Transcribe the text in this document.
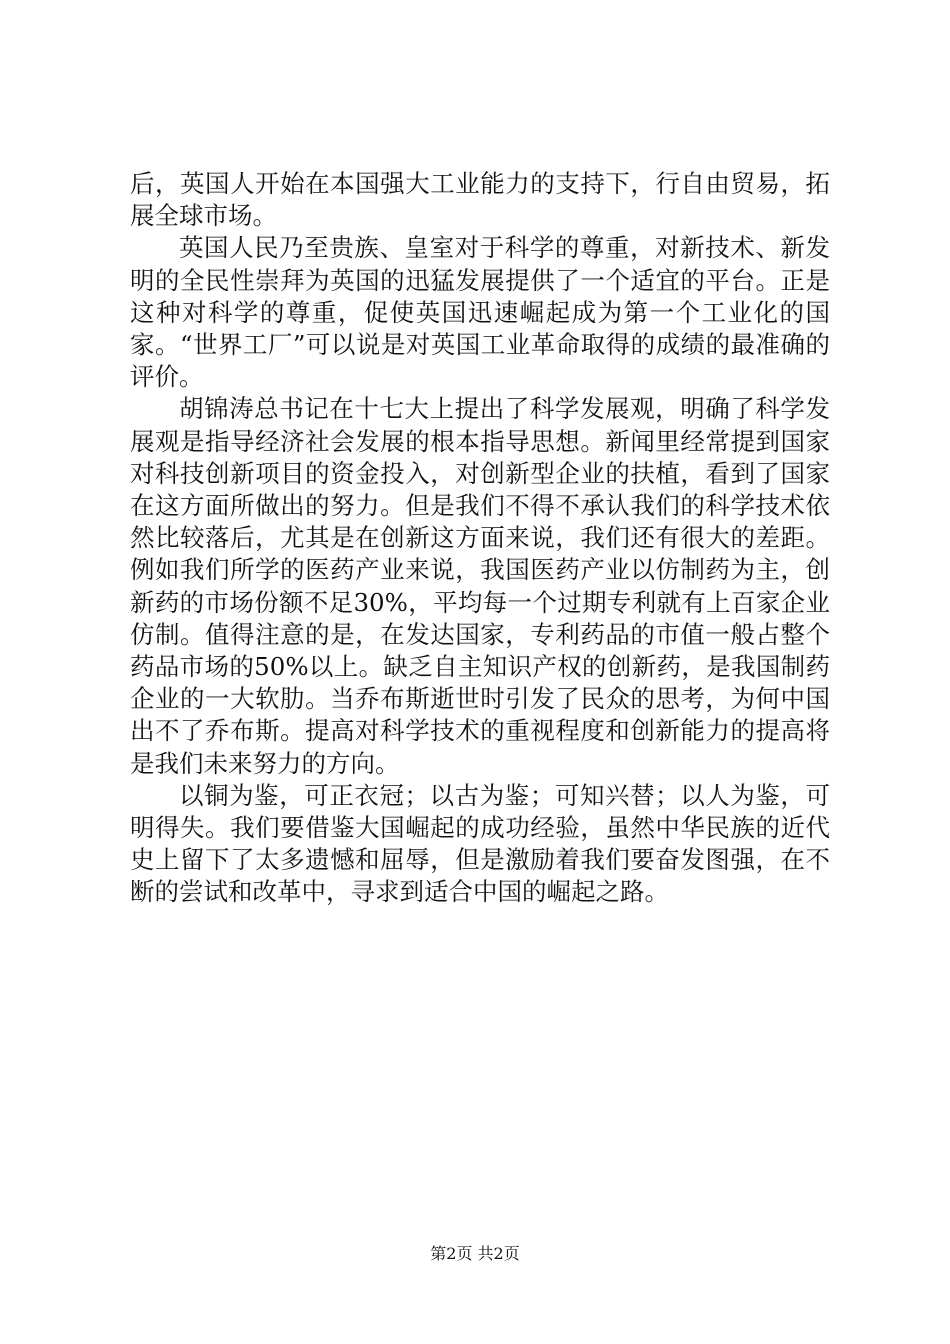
后，英国人开始在本国强大工业能力的支持下，行自由贸易，拓展全球市场。

英国人民乃至贵族、皇室对于科学的尊重，对新技术、新发明的全民性崇拜为英国的迅猛发展提供了一个适宜的平台。正是这种对科学的尊重，促使英国迅速崛起成为第一个工业化的国家。“世界工厂”可以说是对英国工业革命取得的成绩的最准确的评价。

胡锦涛总书记在十七大上提出了科学发展观，明确了科学发展观是指导经济社会发展的根本指导思想。新闻里经常提到国家对科技创新项目的资金投入，对创新型企业的扶植，看到了国家在这方面所做出的努力。但是我们不得不承认我们的科学技术依然比较落后，尤其是在创新这方面来说，我们还有很大的差距。例如我们所学的医药产业来说，我国医药产业以仿制药为主，创新药的市场份额不足30%，平均每一个过期专利就有上百家企业仿制。值得注意的是，在发达国家，专利药品的市值一般占整个药品市场的50%以上。缺乏自主知识产权的创新药，是我国制药企业的一大软肋。当乔布斯逝世时引发了民众的思考，为何中国出不了乔布斯。提高对科学技术的重视程度和创新能力的提高将是我们未来努力的方向。

以铜为鉴，可正衣冠；以古为鉴；可知兴替；以人为鉴，可明得失。我们要借鉴大国崛起的成功经验，虽然中华民族的近代史上留下了太多遗憾和屈辱，但是激励着我们要奋发图强，在不断的尝试和改革中，寻求到适合中国的崛起之路。

第2页 共2页
